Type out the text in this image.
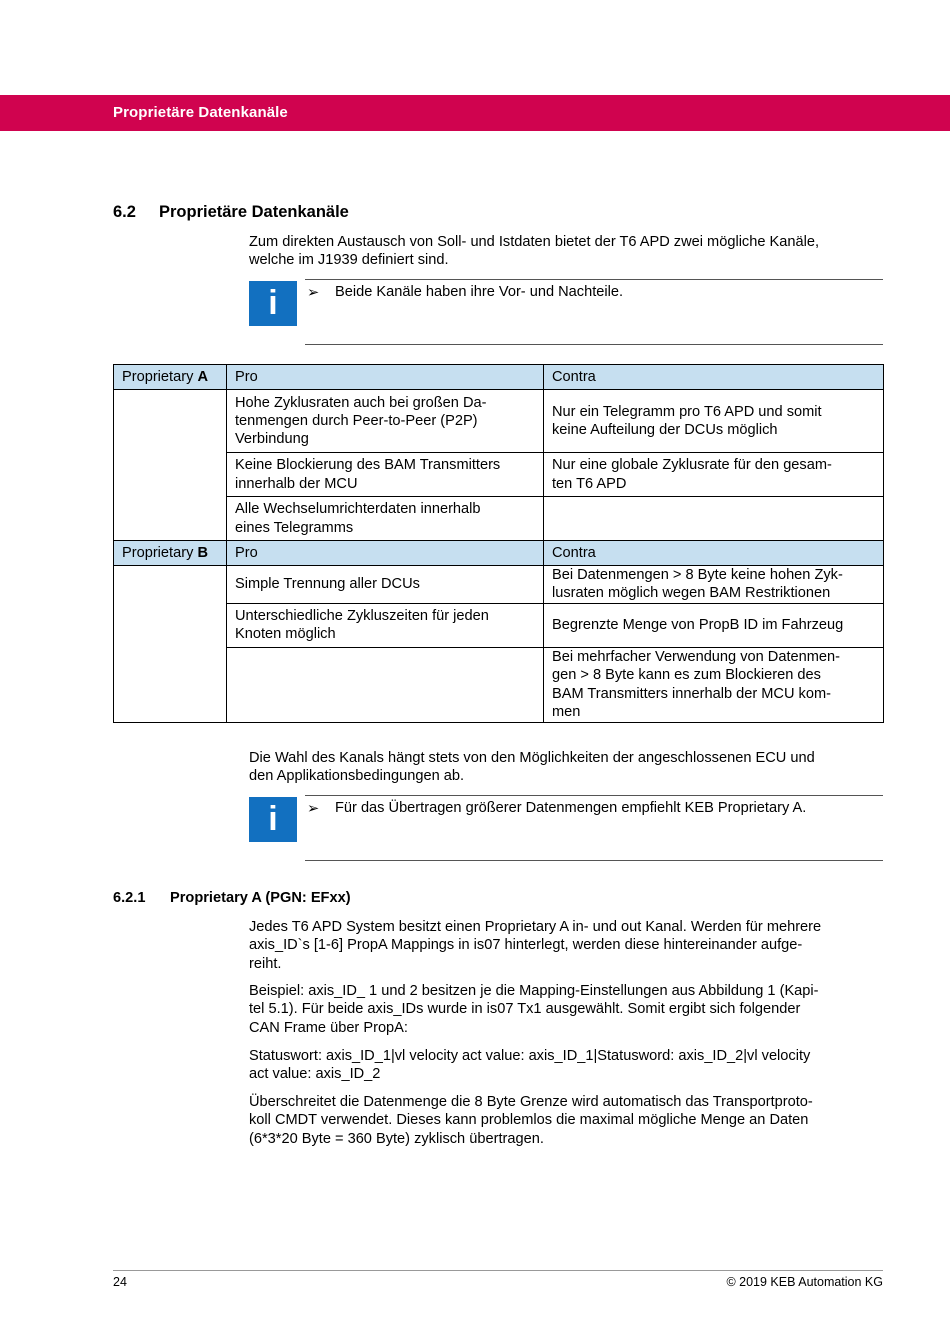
Proprietäre Datenkanäle
6.2 Proprietäre Datenkanäle
Zum direkten Austausch von Soll- und Istdaten bietet der T6 APD zwei mögliche Kanäle,
welche im J1939 definiert sind.
i	➢ Beide Kanäle haben ihre Vor- und Nachteile.
Proprietary A	Pro	Contra

	Hohe Zyklusraten auch bei großen Da-
tenmengen durch Peer-to-Peer (P2P)
Verbindung	Nur ein Telegramm pro T6 APD und somit
keine Aufteilung der DCUs möglich

	Keine Blockierung des BAM Transmitters
innerhalb der MCU	Nur eine globale Zyklusrate für den gesam-
ten T6 APD

	Alle Wechselumrichterdaten innerhalb
eines Telegramms	

Proprietary B	Pro	Contra

	Simple Trennung aller DCUs	Bei Datenmengen > 8 Byte keine hohen Zyk-
lusraten möglich wegen BAM Restriktionen

	Unterschiedliche Zykluszeiten für jeden
Knoten möglich	Begrenzte Menge von PropB ID im Fahrzeug

		Bei mehrfacher Verwendung von Datenmen-
gen > 8 Byte kann es zum Blockieren des
BAM Transmitters innerhalb der MCU kom-
men
Die Wahl des Kanals hängt stets von den Möglichkeiten der angeschlossenen ECU und
den Applikationsbedingungen ab.
i	➢ Für das Übertragen größerer Datenmengen empfiehlt KEB Proprietary A.
6.2.1 Proprietary A (PGN: EFxx)
Jedes T6 APD System besitzt einen Proprietary A in- und out Kanal. Werden für mehrere
axis_ID`s [1-6] PropA Mappings in is07 hinterlegt, werden diese hintereinander aufge-
reiht.
Beispiel: axis_ID_ 1 und 2 besitzen je die Mapping-Einstellungen aus Abbildung 1 (Kapi-
tel 5.1). Für beide axis_IDs wurde in is07 Tx1 ausgewählt. Somit ergibt sich folgender
CAN Frame über PropA:
Statuswort: axis_ID_1|vl velocity act value: axis_ID_1|Statusword: axis_ID_2|vl velocity
act value: axis_ID_2
Überschreitet die Datenmenge die 8 Byte Grenze wird automatisch das Transportproto-
koll CMDT verwendet. Dieses kann problemlos die maximal mögliche Menge an Daten
(6*3*20 Byte = 360 Byte) zyklisch übertragen.
24	© 2019 KEB Automation KG
